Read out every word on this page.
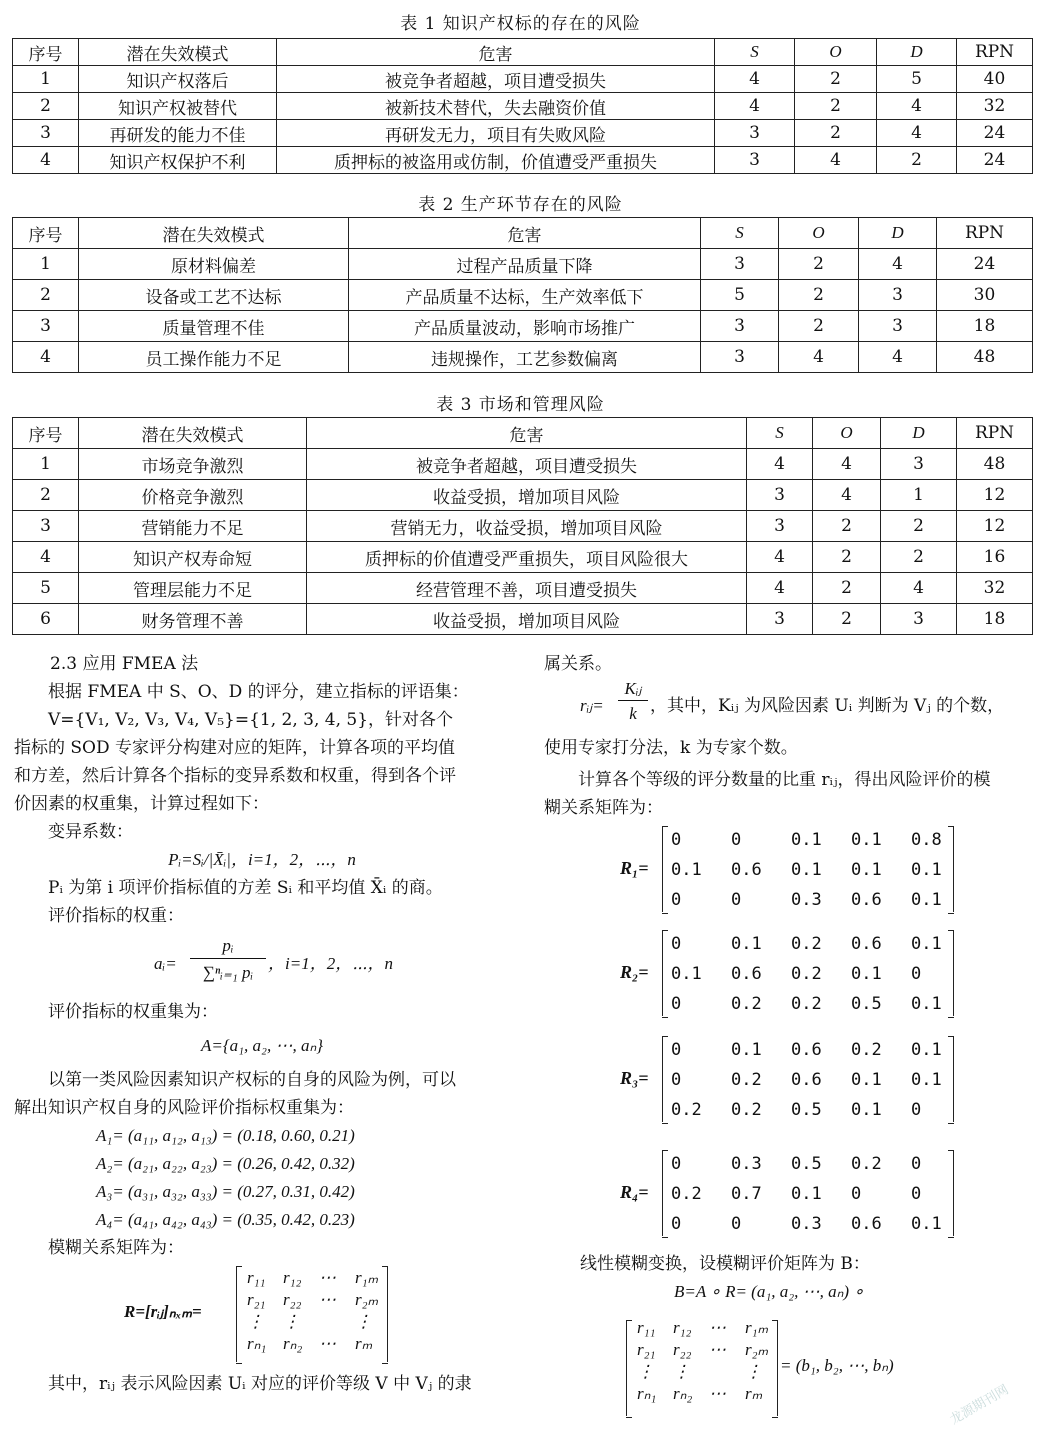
表 1 知识产权标的存在的风险
序号	潜在失效模式	危害	S	O	D	RPN
1	知识产权落后	被竞争者超越，项目遭受损失	4	2	5	40
2	知识产权被替代	被新技术替代，失去融资价值	4	2	4	32
3	再研发的能力不佳	再研发无力，项目有失败风险	3	2	4	24
4	知识产权保护不利	质押标的被盗用或仿制，价值遭受严重损失	3	4	2	24
表 2 生产环节存在的风险
序号	潜在失效模式	危害	S	O	D	RPN
1	原材料偏差	过程产品质量下降	3	2	4	24
2	设备或工艺不达标	产品质量不达标，生产效率低下	5	2	3	30
3	质量管理不佳	产品质量波动，影响市场推广	3	2	3	18
4	员工操作能力不足	违规操作，工艺参数偏离	3	4	4	48
表 3 市场和管理风险
序号	潜在失效模式	危害	S	O	D	RPN
1	市场竞争激烈	被竞争者超越，项目遭受损失	4	4	3	48
2	价格竞争激烈	收益受损，增加项目风险	3	4	1	12
3	营销能力不足	营销无力，收益受损，增加项目风险	3	2	2	12
4	知识产权寿命短	质押标的价值遭受严重损失，项目风险很大	4	2	2	16
5	管理层能力不足	经营管理不善，项目遭受损失	4	2	4	32
6	财务管理不善	收益受损，增加项目风险	3	2	3	18
2.3 应用 FMEA 法

根据 FMEA 中 S、O、D 的评分，建立指标的评语集：

V={V₁, V₂, V₃, V₄, V₅}={1, 2, 3, 4, 5}，针对各个

指标的 SOD 专家评分构建对应的矩阵，计算各项的平均值
和方差，然后计算各个指标的变异系数和权重，得到各个评
价因素的权重集，计算过程如下：

变异系数：

Pᵢ=Sᵢ/|X̄ᵢ|，i=1，2，⋯，n

Pᵢ 为第 i 项评价指标值的方差 Sᵢ 和平均值 X̄ᵢ 的商。

评价指标的权重：

aᵢ=
pᵢ
∑ⁿᵢ₌₁ pᵢ ，i=1，2，⋯，n

评价指标的权重集为：

A={a₁, a₂, ⋯, aₙ}

以第一类风险因素知识产权标的自身的风险为例，可以

解出知识产权自身的风险评价指标权重集为：
A₁= (a₁₁, a₁₂, a₁₃) = (0.18, 0.60, 0.21)
A₂= (a₂₁, a₂₂, a₂₃) = (0.26, 0.42, 0.32)
A₃= (a₃₁, a₃₂, a₃₃) = (0.27, 0.31, 0.42)
A₄= (a₄₁, a₄₂, a₄₃) = (0.35, 0.42, 0.23)

模糊关系矩阵为：

R=[rᵢⱼ]ₙₓₘ=
r₁₁ r₁₂ ⋯ r₁ₘ
r₂₁ r₂₂ ⋯ r₂ₘ
⋮ ⋮	⋮
rₙ₁ rₙ₂ ⋯ rₘ

其中，rᵢⱼ 表示风险因素 Uᵢ 对应的评价等级 V 中 Vⱼ 的隶

属关系。
rᵢⱼ=
Kᵢⱼ
k ，其中，Kᵢⱼ 为风险因素 Uᵢ 判断为 Vⱼ 的个数，
使用专家打分法，k 为专家个数。

计算各个等级的评分数量的比重 rᵢⱼ，得出风险评价的模

糊关系矩阵为：
R₁=
0	0	0.1 0.1 0.8
0.1 0.6 0.1 0.1 0.1
0	0	0.3 0.6 0.1
R₂=
0	0.1 0.2 0.6 0.1
0.1 0.6 0.2 0.1 0
0	0.2 0.2 0.5 0.1
R₃=
0	0.1 0.6 0.2 0.1
0	0.2 0.6 0.1 0.1
0.2 0.2 0.5 0.1 0
R₄=
0	0.3 0.5 0.2 0
0.2 0.7 0.1 0	0
0	0	0.3 0.6 0.1
线性模糊变换，设模糊评价矩阵为 B：
B=A ∘ R= (a₁, a₂, ⋯, aₙ) ∘
r₁₁ r₁₂ ⋯ r₁ₘ
r₂₁ r₂₂ ⋯ r₂ₘ
⋮ ⋮	⋮
rₙ₁ rₙ₂ ⋯ rₘ
= (b₁, b₂, ⋯, bₙ)
龙源期刊网
